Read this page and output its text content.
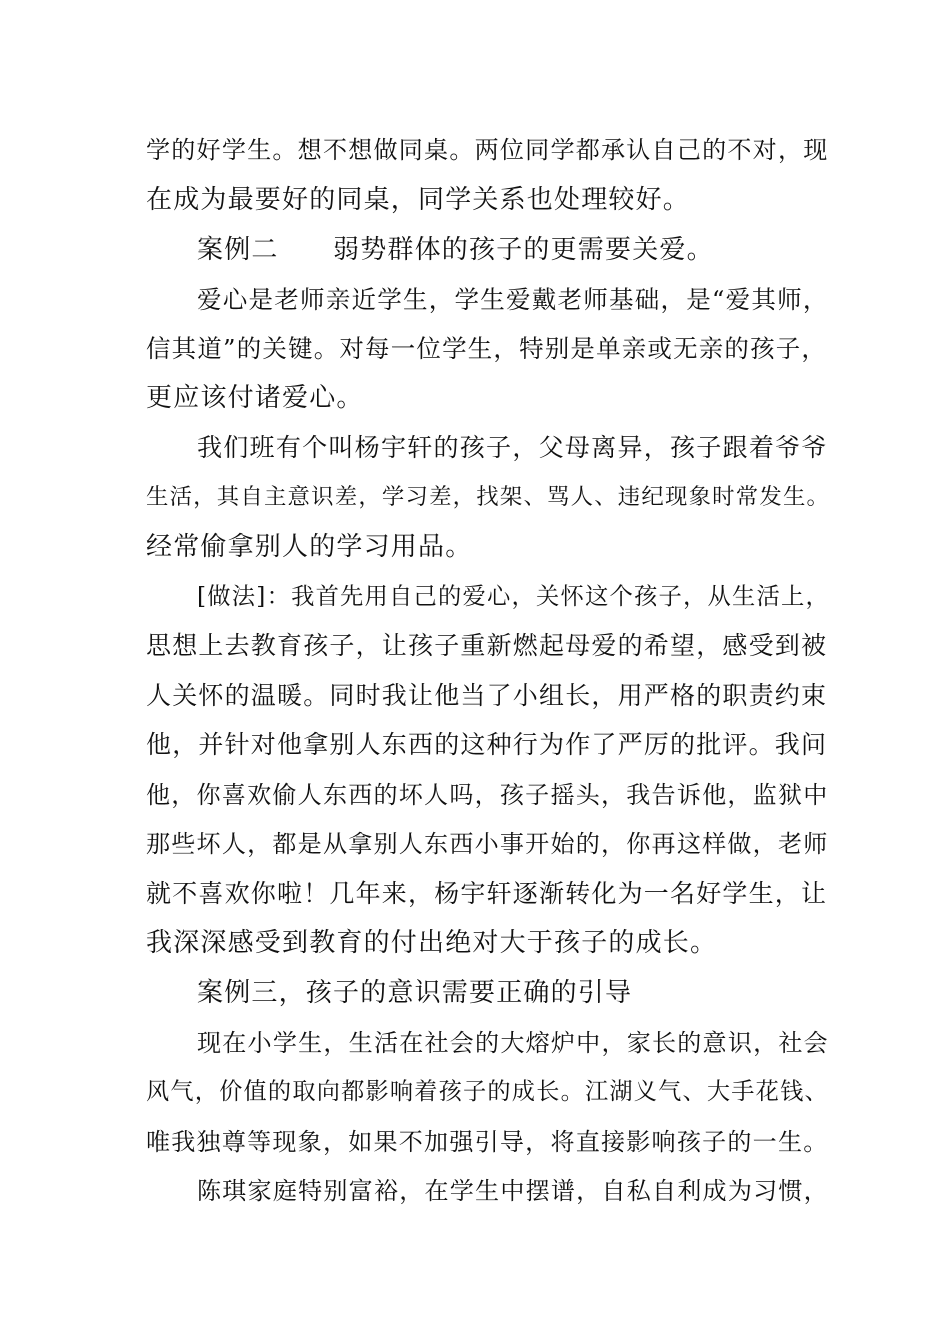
学的好学生。想不想做同桌。两位同学都承认自己的不对，现
在成为最要好的同桌，同学关系也处理较好。
案例二　　弱势群体的孩子的更需要关爱。
爱心是老师亲近学生，学生爱戴老师基础，是“爱其师，
信其道”的关键。对每一位学生，特别是单亲或无亲的孩子，
更应该付诸爱心。
我们班有个叫杨宇轩的孩子，父母离异，孩子跟着爷爷
生活，其自主意识差，学习差，找架、骂人、违纪现象时常发生。
经常偷拿别人的学习用品。
[做法]：我首先用自己的爱心，关怀这个孩子，从生活上，
思想上去教育孩子，让孩子重新燃起母爱的希望，感受到被
人关怀的温暖。同时我让他当了小组长，用严格的职责约束
他，并针对他拿别人东西的这种行为作了严厉的批评。我问
他，你喜欢偷人东西的坏人吗，孩子摇头，我告诉他，监狱中
那些坏人，都是从拿别人东西小事开始的，你再这样做，老师
就不喜欢你啦！几年来，杨宇轩逐渐转化为一名好学生，让
我深深感受到教育的付出绝对大于孩子的成长。
案例三，孩子的意识需要正确的引导
现在小学生，生活在社会的大熔炉中，家长的意识，社会
风气，价值的取向都影响着孩子的成长。江湖义气、大手花钱、
唯我独尊等现象，如果不加强引导，将直接影响孩子的一生。
陈琪家庭特别富裕，在学生中摆谱，自私自利成为习惯，
